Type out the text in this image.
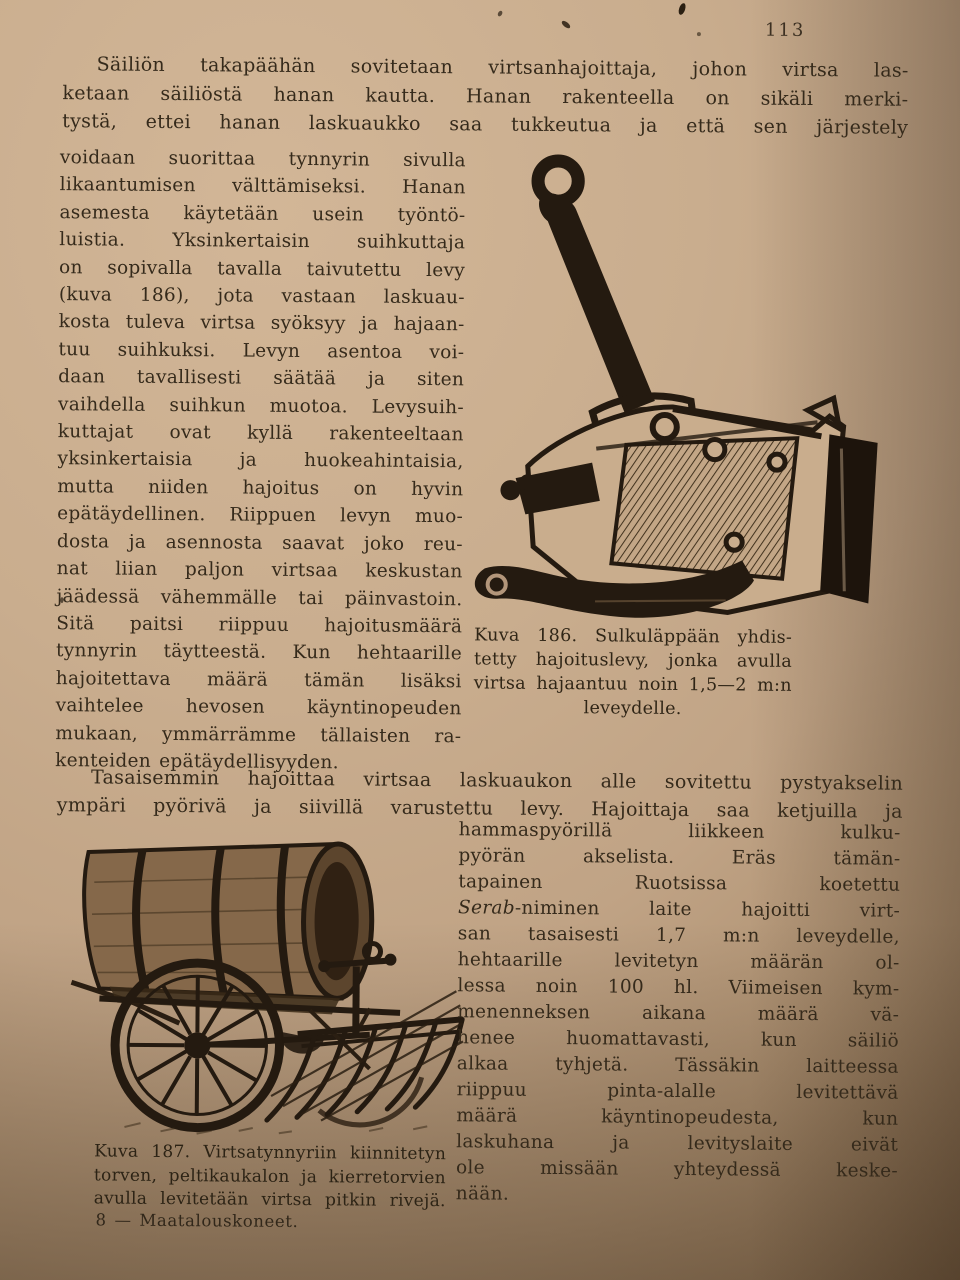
113
Säiliön takapäähän sovitetaan virtsanhajoittaja, johon virtsa las-
ketaan säiliöstä hanan kautta. Hanan rakenteella on sikäli merki-
tystä, ettei hanan laskuaukko saa tukkeutua ja että sen järjestely
voidaan suorittaa tynnyrin sivulla
likaantumisen välttämiseksi. Hanan
asemesta käytetään usein työntö-
luistia. Yksinkertaisin suihkuttaja
on sopivalla tavalla taivutettu levy
(kuva 186), jota vastaan laskuau-
kosta tuleva virtsa syöksyy ja hajaan-
tuu suihkuksi. Levyn asentoa voi-
daan tavallisesti säätää ja siten
vaihdella suihkun muotoa. Levysuih-
kuttajat ovat kyllä rakenteeltaan
yksinkertaisia ja huokeahintaisia,
mutta niiden hajoitus on hyvin
epätäydellinen. Riippuen levyn muo-
dosta ja asennosta saavat joko reu-
nat liian paljon virtsaa keskustan
jäädessä vähemmälle tai päinvastoin.
Sitä paitsi riippuu hajoitusmäärä
tynnyrin täytteestä. Kun hehtaarille
hajoitettava määrä tämän lisäksi
vaihtelee hevosen käyntinopeuden
mukaan, ymmärrämme tällaisten ra-
kenteiden epätäydellisyyden.
Kuva 186. Sulkuläppään yhdis-
tetty hajoituslevy, jonka avulla
virtsa hajaantuu noin 1,5—2 m:n
leveydelle.
Tasaisemmin hajoittaa virtsaa laskuaukon alle sovitettu pystyakselin
ympäri pyörivä ja siivillä varustettu levy. Hajoittaja saa ketjuilla ja
hammaspyörillä liikkeen kulku-
pyörän akselista. Eräs tämän-
tapainen Ruotsissa koetettu
Serab-niminen laite hajoitti virt-
san tasaisesti 1,7 m:n leveydelle,
hehtaarille levitetyn määrän ol-
lessa noin 100 hl. Viimeisen kym-
menenneksen aikana määrä vä-
henee huomattavasti, kun säiliö
alkaa tyhjetä. Tässäkin laitteessa
riippuu pinta-alalle levitettävä
määrä käyntinopeudesta, kun
laskuhana ja levityslaite eivät
ole missään yhteydessä keske-
nään.
Kuva 187. Virtsatynnyriin kiinnitetyn
torven, peltikaukalon ja kierretorvien
avulla levitetään virtsa pitkin rivejä.
8 — Maatalouskoneet.
